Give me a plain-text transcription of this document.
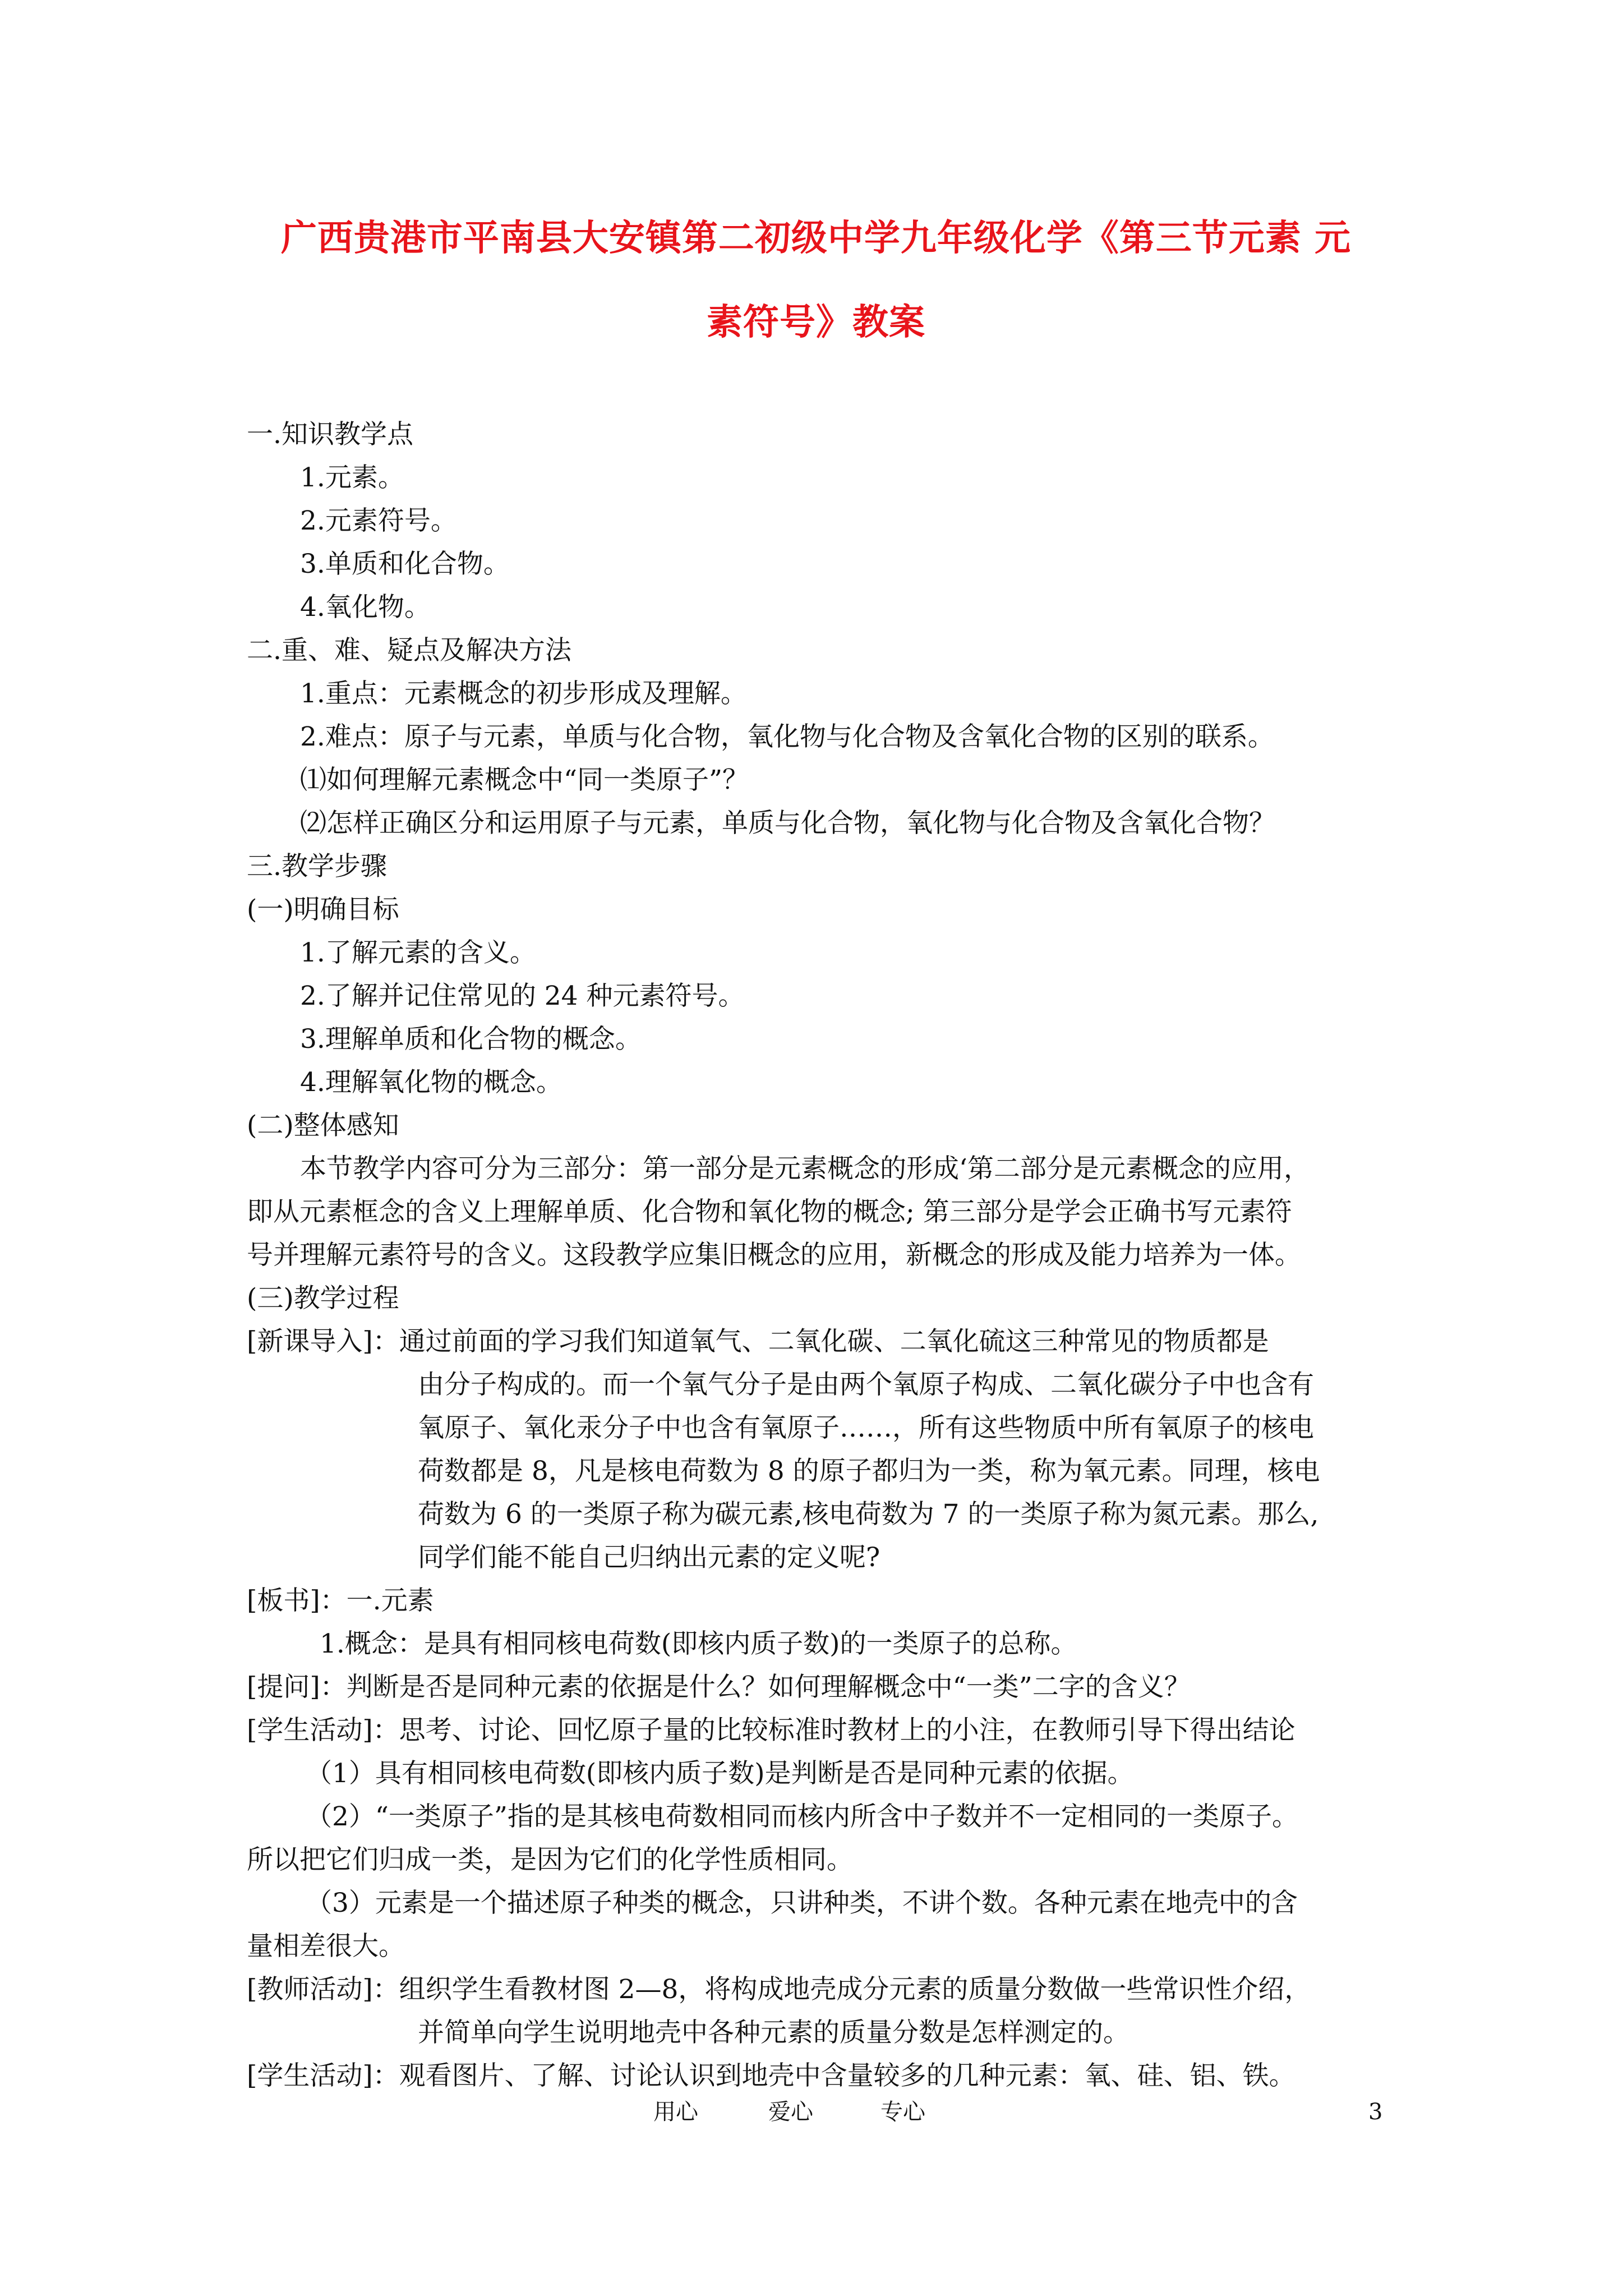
广西贵港市平南县大安镇第二初级中学九年级化学《第三节元素 元
素符号》教案
一.知识教学点
1.元素。
2.元素符号。
3.单质和化合物。
4.氧化物。
二.重、难、疑点及解决方法
1.重点：元素概念的初步形成及理解。
2.难点：原子与元素，单质与化合物，氧化物与化合物及含氧化合物的区别的联系。
⑴如何理解元素概念中“同一类原子”？
⑵怎样正确区分和运用原子与元素，单质与化合物，氧化物与化合物及含氧化合物？
三.教学步骤
(一)明确目标
1.了解元素的含义。
2.了解并记住常见的 24 种元素符号。
3.理解单质和化合物的概念。
4.理解氧化物的概念。
(二)整体感知
本节教学内容可分为三部分：第一部分是元素概念的形成‘第二部分是元素概念的应用，
即从元素框念的含义上理解单质、化合物和氧化物的概念; 第三部分是学会正确书写元素符
号并理解元素符号的含义。这段教学应集旧概念的应用，新概念的形成及能力培养为一体。
(三)教学过程
[新课导入]：通过前面的学习我们知道氧气、二氧化碳、二氧化硫这三种常见的物质都是
由分子构成的。而一个氧气分子是由两个氧原子构成、二氧化碳分子中也含有
氧原子、氧化汞分子中也含有氧原子……，所有这些物质中所有氧原子的核电
荷数都是 8，凡是核电荷数为 8 的原子都归为一类，称为氧元素。同理，核电
荷数为 6 的一类原子称为碳元素,核电荷数为 7 的一类原子称为氮元素。那么,
同学们能不能自己归纳出元素的定义呢?
[板书]：一.元素
1.概念：是具有相同核电荷数(即核内质子数)的一类原子的总称。
[提问]：判断是否是同种元素的依据是什么？如何理解概念中“一类”二字的含义？
[学生活动]：思考、讨论、回忆原子量的比较标准时教材上的小注，在教师引导下得出结论
（1）具有相同核电荷数(即核内质子数)是判断是否是同种元素的依据。
（2）“一类原子”指的是其核电荷数相同而核内所含中子数并不一定相同的一类原子。
所以把它们归成一类，是因为它们的化学性质相同。
（3）元素是一个描述原子种类的概念，只讲种类，不讲个数。各种元素在地壳中的含
量相差很大。
[教师活动]：组织学生看教材图 2—8，将构成地壳成分元素的质量分数做一些常识性介绍，
并简单向学生说明地壳中各种元素的质量分数是怎样测定的。
[学生活动]：观看图片、了解、讨论认识到地壳中含量较多的几种元素：氧、硅、铝、铁。
用心	爱心	专心	3
